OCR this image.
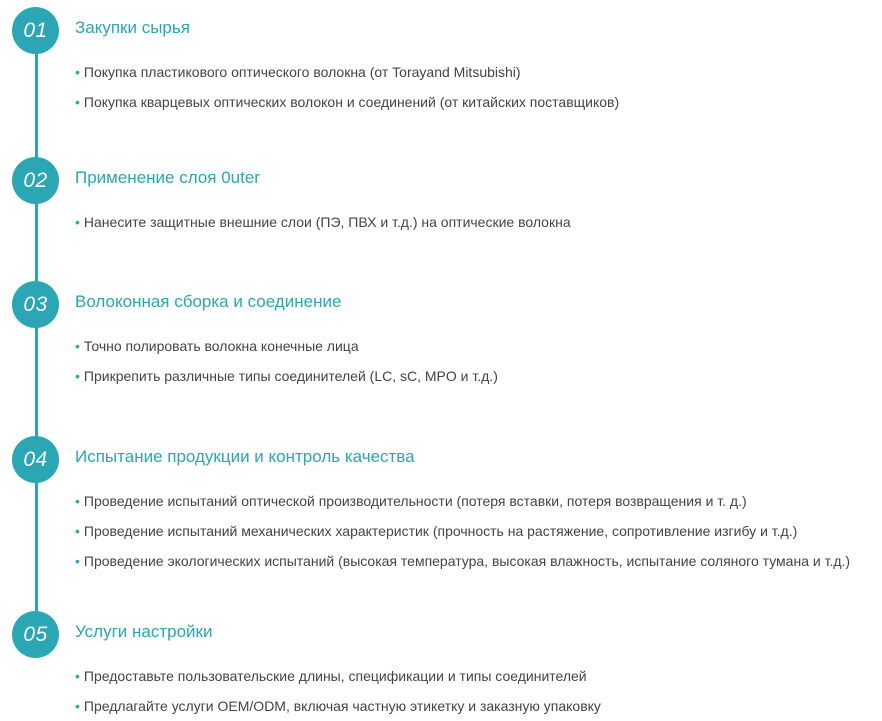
01	Закупки сырья
• Покупка пластикового оптического волокна (от Torayand Mitsubishi)
• Покупка кварцевых оптических волокон и соединений (от китайских поставщиков)
02	Применение слоя 0uter
• Нанесите защитные внешние слои (ПЭ, ПВХ и т.д.) на оптические волокна
03	Волоконная сборка и соединение
• Точно полировать волокна конечные лица
• Прикрепить различные типы соединителей (LC, sC, MPO и т.д.)
04	Испытание продукции и контроль качества
• Проведение испытаний оптической производительности (потеря вставки, потеря возвращения и т. д.)
• Проведение испытаний механических характеристик (прочность на растяжение, сопротивление изгибу и т.д.)
• Проведение экологических испытаний (высокая температура, высокая влажность, испытание соляного тумана и т.д.)
05	Услуги настройки
• Предоставьте пользовательские длины, спецификации и типы соединителей
• Предлагайте услуги OEM/ODM, включая частную этикетку и заказную упаковку
